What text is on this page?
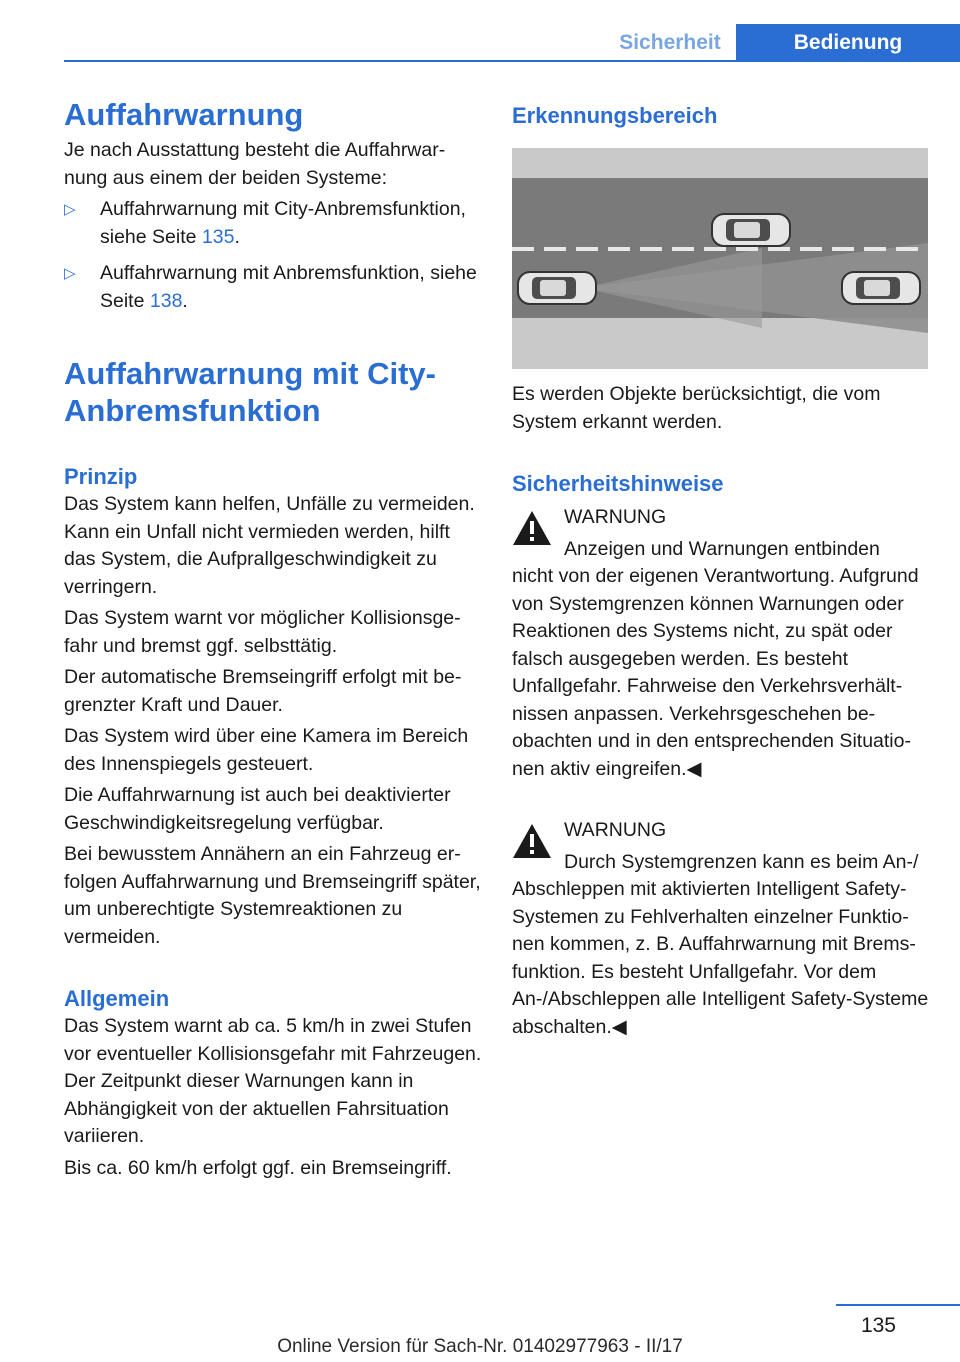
Sicherheit	Bedienung
Auffahrwarnung

Je nach Ausstattung besteht die Auffahrwarnung aus einem der beiden Systeme:

▷ Auffahrwarnung mit City-Anbremsfunktion, siehe Seite 135.
▷ Auffahrwarnung mit Anbremsfunktion, siehe Seite 138.
Auffahrwarnung mit City-Anbremsfunktion
Prinzip

Das System kann helfen, Unfälle zu vermeiden. Kann ein Unfall nicht vermieden werden, hilft das System, die Aufprallgeschwindigkeit zu verringern.

Das System warnt vor möglicher Kollisionsgefahr und bremst ggf. selbsttätig.

Der automatische Bremseingriff erfolgt mit begrenzter Kraft und Dauer.

Das System wird über eine Kamera im Bereich des Innenspiegels gesteuert.

Die Auffahrwarnung ist auch bei deaktivierter Geschwindigkeitsregelung verfügbar.

Bei bewusstem Annähern an ein Fahrzeug erfolgen Auffahrwarnung und Bremseingriff später, um unberechtigte Systemreaktionen zu vermeiden.

Allgemein

Das System warnt ab ca. 5 km/h in zwei Stufen vor eventueller Kollisionsgefahr mit Fahrzeugen. Der Zeitpunkt dieser Warnungen kann in Abhängigkeit von der aktuellen Fahrsituation variieren.

Bis ca. 60 km/h erfolgt ggf. ein Bremseingriff.

Erkennungsbereich

Es werden Objekte berücksichtigt, die vom System erkannt werden.

Sicherheitshinweise
WARNUNG
Anzeigen und Warnungen entbinden

nicht von der eigenen Verantwortung. Aufgrund von Systemgrenzen können Warnungen oder Reaktionen des Systems nicht, zu spät oder falsch ausgegeben werden. Es besteht Unfallgefahr. Fahrweise den Verkehrsverhältnissen anpassen. Verkehrsgeschehen beobachten und in den entsprechenden Situationen aktiv eingreifen.◀

WARNUNG
Durch Systemgrenzen kann es beim An-/

Abschleppen mit aktivierten Intelligent Safety-Systemen zu Fehlverhalten einzelner Funktionen kommen, z. B. Auffahrwarnung mit Bremsfunktion. Es besteht Unfallgefahr. Vor dem An-/Abschleppen alle Intelligent Safety-Systeme abschalten.◀

135
Online Version für Sach-Nr. 01402977963 - II/17
